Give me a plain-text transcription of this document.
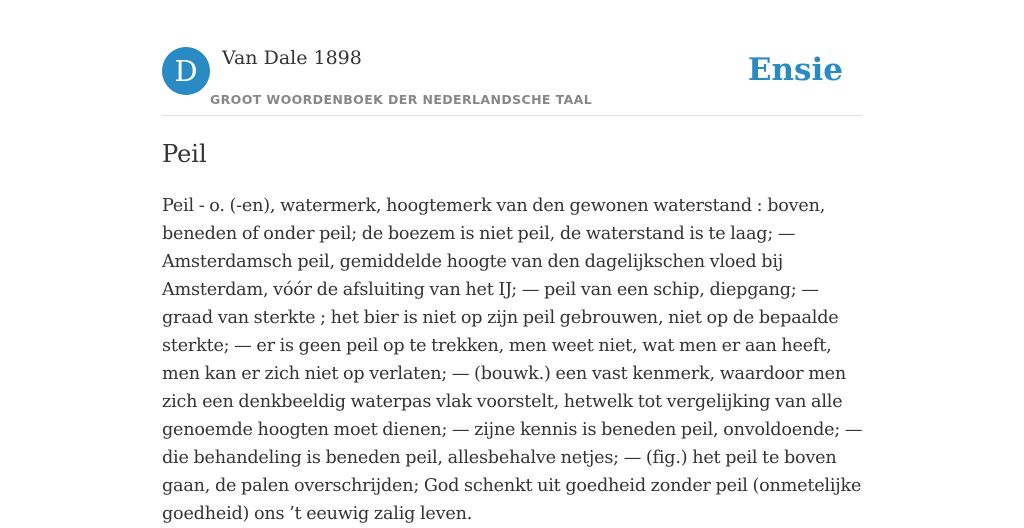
D	Van Dale 1898
GROOT WOORDENBOEK DER NEDERLANDSCHE TAAL
Ensie
Peil

Peil - o. (-en), watermerk, hoogtemerk van den gewonen waterstand : boven, beneden of onder peil; de boezem is niet peil, de waterstand is te laag; — Amsterdamsch peil, gemiddelde hoogte van den dagelijkschen vloed bij Amsterdam, vóór de afsluiting van het IJ; — peil van een schip, diepgang; — graad van sterkte ; het bier is niet op zijn peil gebrouwen, niet op de bepaalde sterkte; — er is geen peil op te trekken, men weet niet, wat men er aan heeft, men kan er zich niet op verlaten; — (bouwk.) een vast kenmerk, waardoor men zich een denkbeeldig waterpas vlak voorstelt, hetwelk tot vergelijking van alle genoemde hoogten moet dienen; — zijne kennis is beneden peil, onvoldoende; — die behandeling is beneden peil, allesbehalve netjes; — (fig.) het peil te boven gaan, de palen overschrijden; God schenkt uit goedheid zonder peil (onmetelijke goedheid) ons ’t eeuwig zalig leven.
